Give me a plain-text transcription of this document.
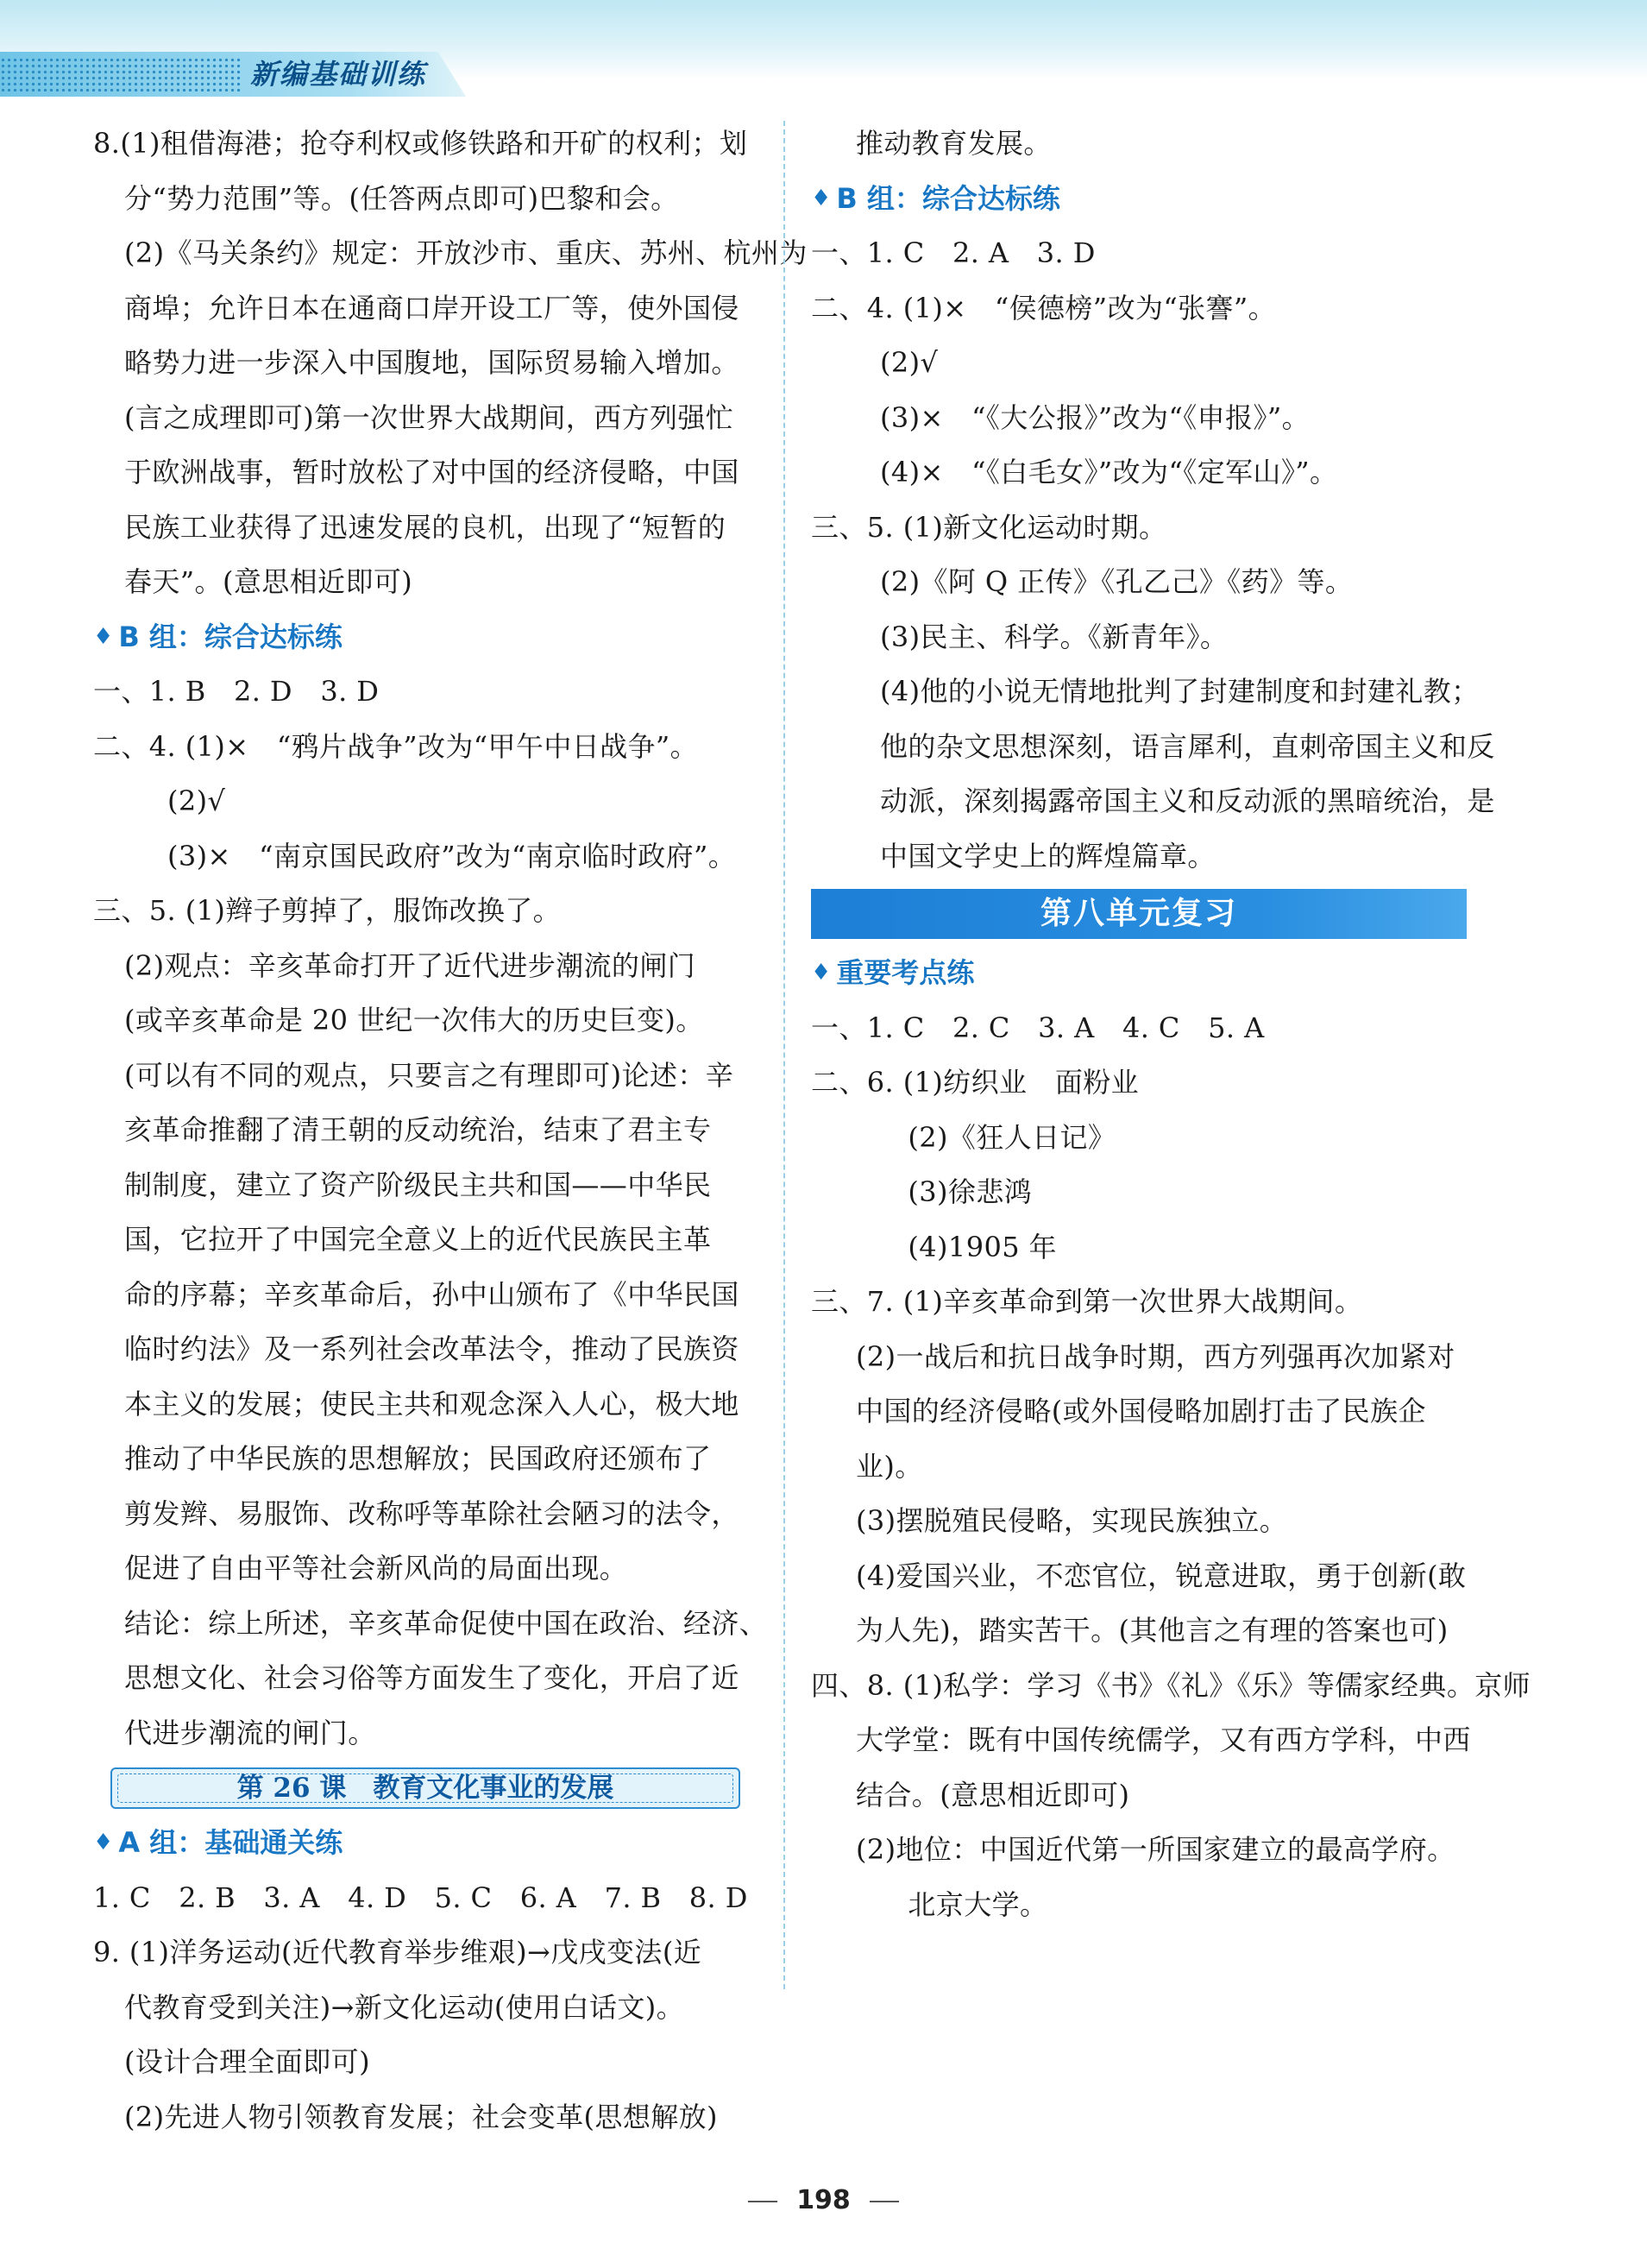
新编基础训练
8.(1)租借海港；抢夺利权或修铁路和开矿的权利；划
分“势力范围”等。(任答两点即可)巴黎和会。
(2)《马关条约》规定：开放沙市、重庆、苏州、杭州为
商埠；允许日本在通商口岸开设工厂等，使外国侵
略势力进一步深入中国腹地，国际贸易输入增加。
(言之成理即可)第一次世界大战期间，西方列强忙
于欧洲战事，暂时放松了对中国的经济侵略，中国
民族工业获得了迅速发展的良机，出现了“短暂的
春天”。(意思相近即可)
♦ B 组：综合达标练
一、1. B　2. D　3. D
二、4. (1)×　“鸦片战争”改为“甲午中日战争”。
(2)√
(3)×　“南京国民政府”改为“南京临时政府”。
三、5. (1)辫子剪掉了，服饰改换了。
(2)观点：辛亥革命打开了近代进步潮流的闸门
(或辛亥革命是 20 世纪一次伟大的历史巨变)。
(可以有不同的观点，只要言之有理即可)论述：辛
亥革命推翻了清王朝的反动统治，结束了君主专
制制度，建立了资产阶级民主共和国——中华民
国，它拉开了中国完全意义上的近代民族民主革
命的序幕；辛亥革命后，孙中山颁布了《中华民国
临时约法》及一系列社会改革法令，推动了民族资
本主义的发展；使民主共和观念深入人心，极大地
推动了中华民族的思想解放；民国政府还颁布了
剪发辫、易服饰、改称呼等革除社会陋习的法令，
促进了自由平等社会新风尚的局面出现。
结论：综上所述，辛亥革命促使中国在政治、经济、
思想文化、社会习俗等方面发生了变化，开启了近
代进步潮流的闸门。
第 26 课　教育文化事业的发展
♦ A 组：基础通关练
1. C　2. B　3. A　4. D　5. C　6. A　7. B　8. D
9. (1)洋务运动(近代教育举步维艰)→戊戌变法(近
代教育受到关注)→新文化运动(使用白话文)。
(设计合理全面即可)
(2)先进人物引领教育发展；社会变革(思想解放)
推动教育发展。
♦ B 组：综合达标练
一、1. C　2. A　3. D
二、4. (1)×　“侯德榜”改为“张謇”。
(2)√
(3)×　“《大公报》”改为“《申报》”。
(4)×　“《白毛女》”改为“《定军山》”。
三、5. (1)新文化运动时期。
(2)《阿 Q 正传》《孔乙己》《药》等。
(3)民主、科学。《新青年》。
(4)他的小说无情地批判了封建制度和封建礼教；
他的杂文思想深刻，语言犀利，直刺帝国主义和反
动派，深刻揭露帝国主义和反动派的黑暗统治，是
中国文学史上的辉煌篇章。
第八单元复习
♦ 重要考点练
一、1. C　2. C　3. A　4. C　5. A
二、6. (1)纺织业　面粉业
　(2)《狂人日记》
　(3)徐悲鸿
　(4)1905 年
三、7. (1)辛亥革命到第一次世界大战期间。
(2)一战后和抗日战争时期，西方列强再次加紧对
中国的经济侵略(或外国侵略加剧打击了民族企
业)。
(3)摆脱殖民侵略，实现民族独立。
(4)爱国兴业，不恋官位，锐意进取，勇于创新(敢
为人先)，踏实苦干。(其他言之有理的答案也可)
四、8. (1)私学：学习《书》《礼》《乐》等儒家经典。京师
大学堂：既有中国传统儒学，又有西方学科，中西
结合。(意思相近即可)
(2)地位：中国近代第一所国家建立的最高学府。
　北京大学。
198
